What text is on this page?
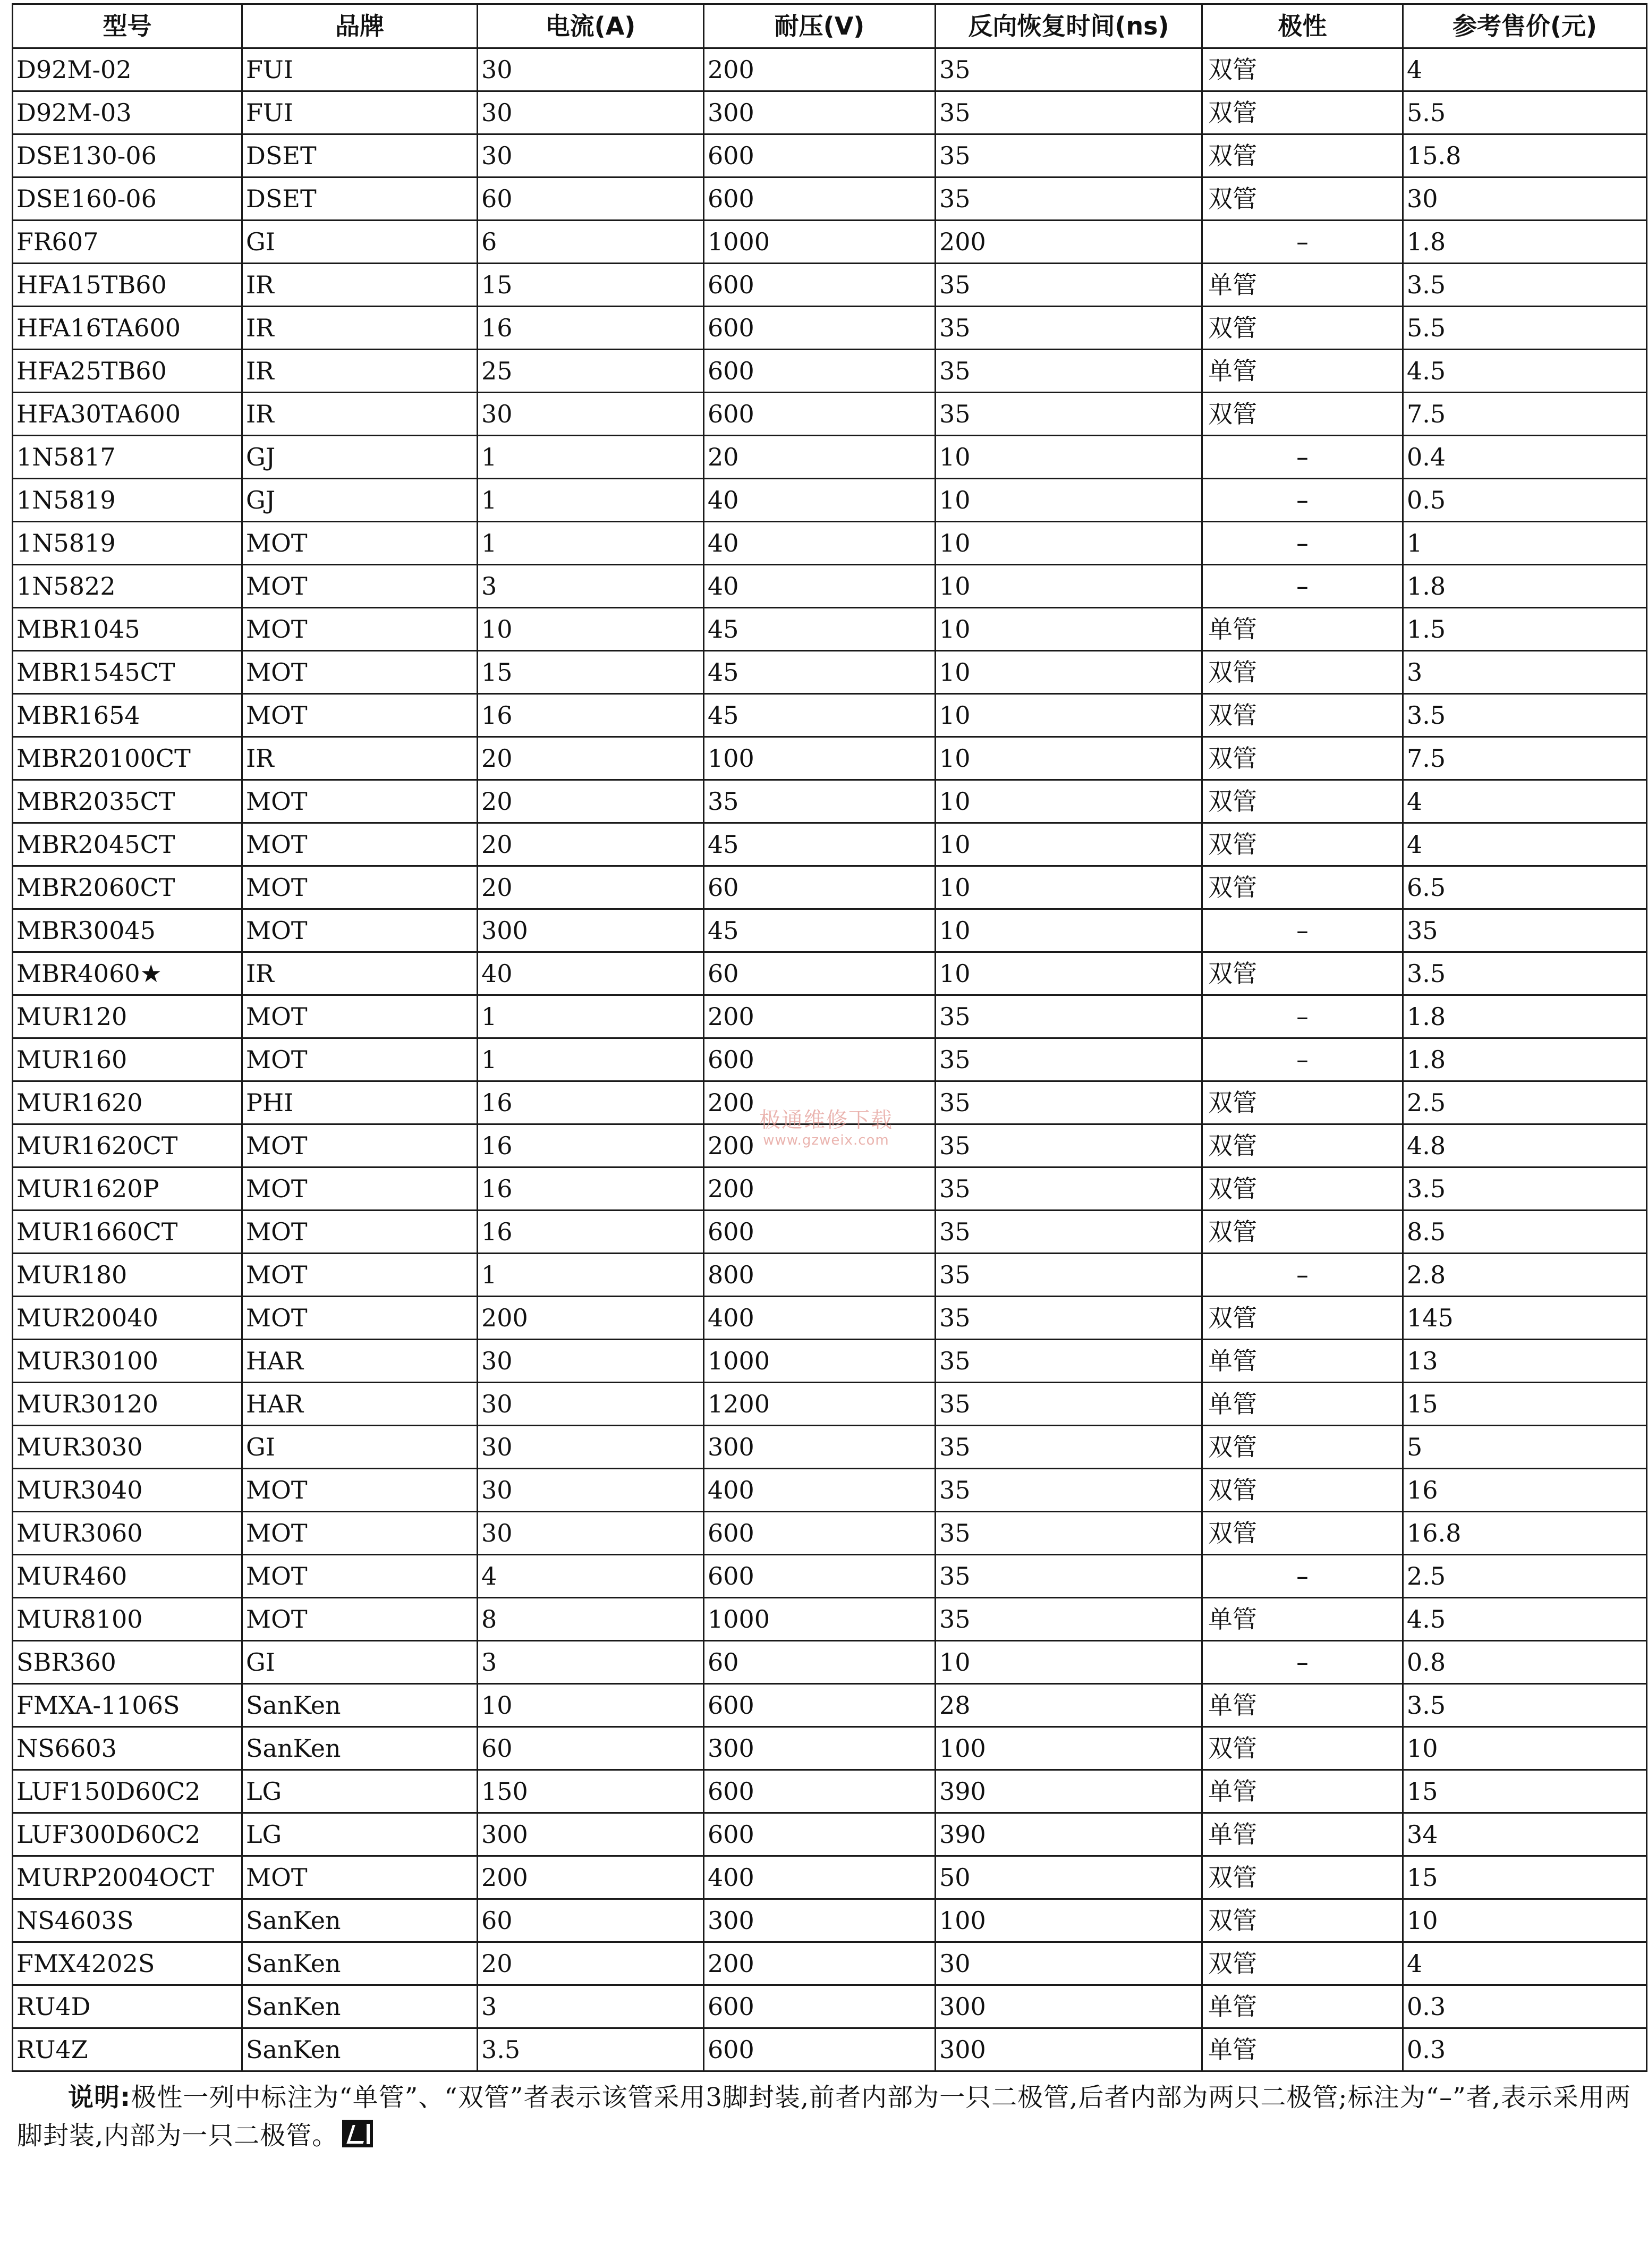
型号	品牌	电流(A)	耐压(V)	反向恢复时间(ns)	极性	参考售价(元)
D92M-02	FUI	30	200	35	双管	4
D92M-03	FUI	30	300	35	双管	5.5
DSE130-06	DSET	30	600	35	双管	15.8
DSE160-06	DSET	60	600	35	双管	30
FR607	GI	6	1000	200	–	1.8
HFA15TB60	IR	15	600	35	单管	3.5
HFA16TA600	IR	16	600	35	双管	5.5
HFA25TB60	IR	25	600	35	单管	4.5
HFA30TA600	IR	30	600	35	双管	7.5
1N5817	GJ	1	20	10	–	0.4
1N5819	GJ	1	40	10	–	0.5
1N5819	MOT	1	40	10	–	1
1N5822	MOT	3	40	10	–	1.8
MBR1045	MOT	10	45	10	单管	1.5
MBR1545CT	MOT	15	45	10	双管	3
MBR1654	MOT	16	45	10	双管	3.5
MBR20100CT	IR	20	100	10	双管	7.5
MBR2035CT	MOT	20	35	10	双管	4
MBR2045CT	MOT	20	45	10	双管	4
MBR2060CT	MOT	20	60	10	双管	6.5
MBR30045	MOT	300	45	10	–	35
MBR4060★	IR	40	60	10	双管	3.5
MUR120	MOT	1	200	35	–	1.8
MUR160	MOT	1	600	35	–	1.8
MUR1620	PHI	16	200	35	双管	2.5
MUR1620CT	MOT	16	200	35	双管	4.8
MUR1620P	MOT	16	200	35	双管	3.5
MUR1660CT	MOT	16	600	35	双管	8.5
MUR180	MOT	1	800	35	–	2.8
MUR20040	MOT	200	400	35	双管	145
MUR30100	HAR	30	1000	35	单管	13
MUR30120	HAR	30	1200	35	单管	15
MUR3030	GI	30	300	35	双管	5
MUR3040	MOT	30	400	35	双管	16
MUR3060	MOT	30	600	35	双管	16.8
MUR460	MOT	4	600	35	–	2.5
MUR8100	MOT	8	1000	35	单管	4.5
SBR360	GI	3	60	10	–	0.8
FMXA-1106S	SanKen	10	600	28	单管	3.5
NS6603	SanKen	60	300	100	双管	10
LUF150D60C2	LG	150	600	390	单管	15
LUF300D60C2	LG	300	600	390	单管	34
MURP2004OCT	MOT	200	400	50	双管	15
NS4603S	SanKen	60	300	100	双管	10
FMX4202S	SanKen	20	200	30	双管	4
RU4D	SanKen	3	600	300	单管	0.3
RU4Z	SanKen	3.5	600	300	单管	0.3
说明:极性一列中标注为“单管”、“双管”者表示该管采用3脚封装,前者内部为一只二极管,后者内部为两只二极管;标注为“–”者,表示采用两脚封装,内部为一只二极管。
极通维修下载
www.gzweix.com
